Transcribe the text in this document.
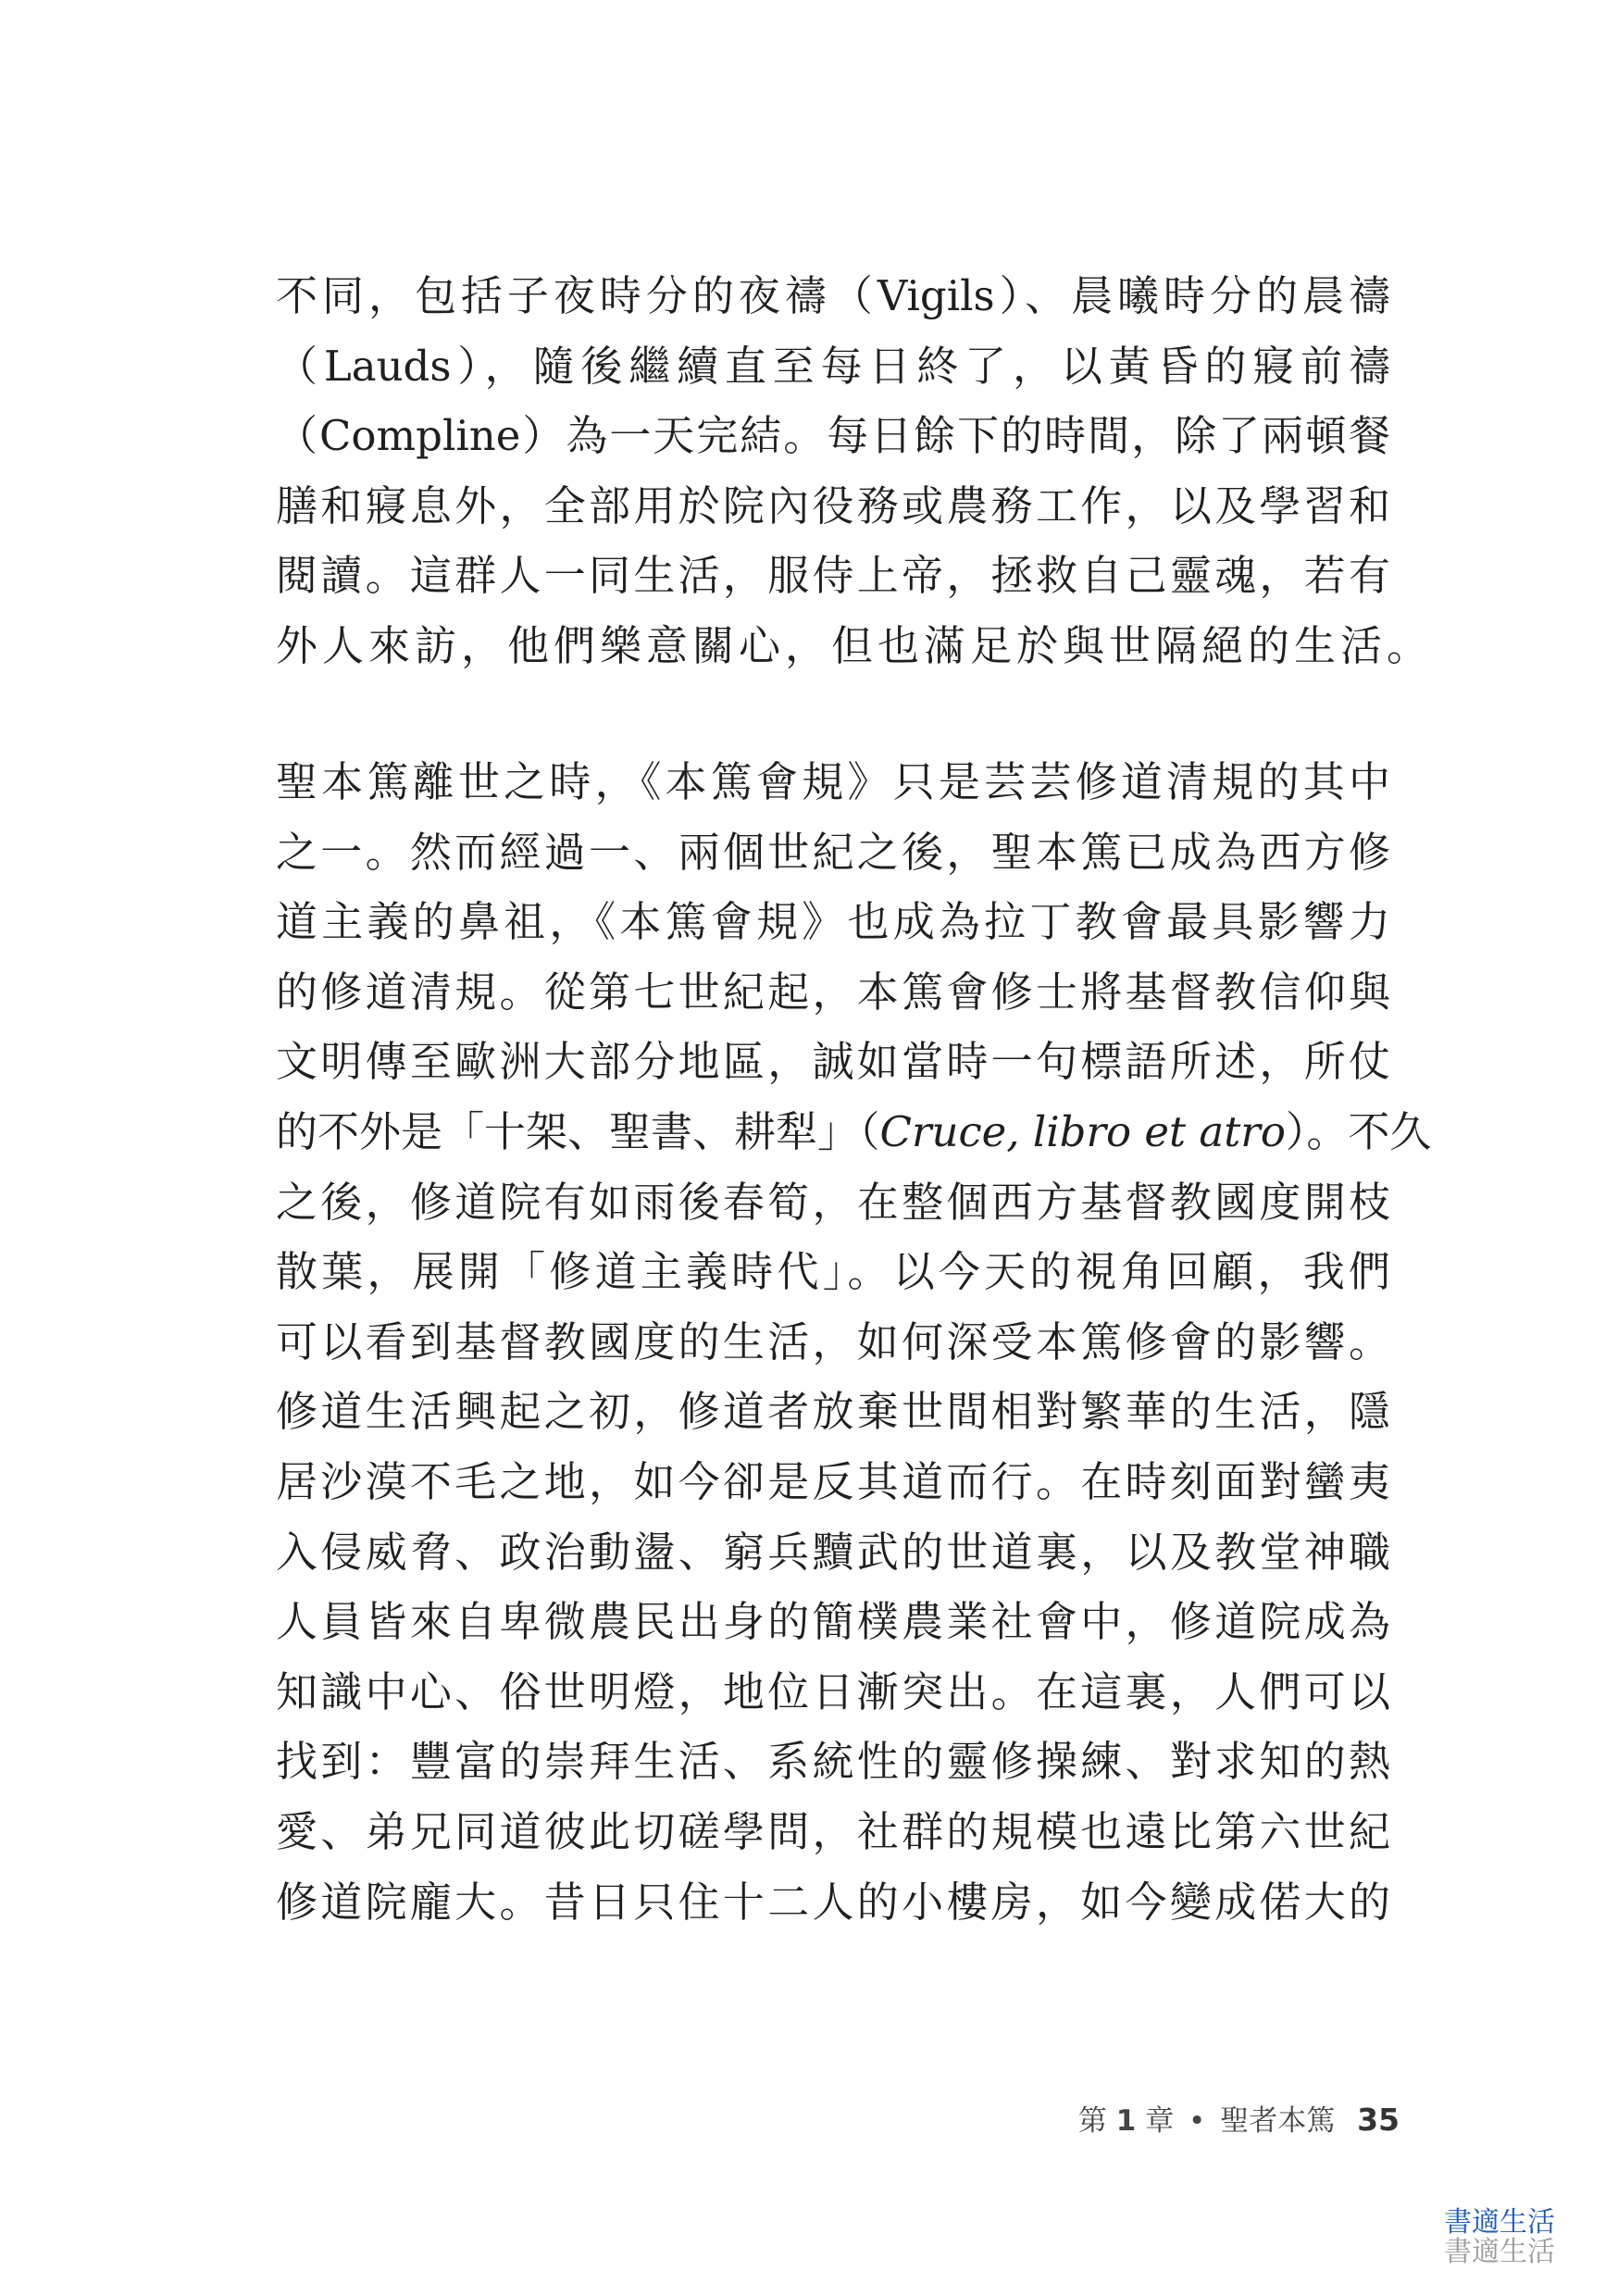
不同，包括子夜時分的夜禱（Vigils）、晨曦時分的晨禱
（Lauds），隨後繼續直至每日終了，以黃昏的寢前禱
（Compline）為一天完結。每日餘下的時間，除了兩頓餐
膳和寢息外，全部用於院內役務或農務工作，以及學習和
閱讀。這群人一同生活，服侍上帝，拯救自己靈魂，若有
外人來訪，他們樂意關心，但也滿足於與世隔絕的生活。
聖本篤離世之時，《本篤會規》只是芸芸修道清規的其中
之一。然而經過一、兩個世紀之後，聖本篤已成為西方修
道主義的鼻祖，《本篤會規》也成為拉丁教會最具影響力
的修道清規。從第七世紀起，本篤會修士將基督教信仰與
文明傳至歐洲大部分地區，誠如當時一句標語所述，所仗
的不外是「十架、聖書、耕犁」（Cruce, libro et atro）。不久
之後，修道院有如雨後春筍，在整個西方基督教國度開枝
散葉，展開「修道主義時代」。以今天的視角回顧，我們
可以看到基督教國度的生活，如何深受本篤修會的影響。
修道生活興起之初，修道者放棄世間相對繁華的生活，隱
居沙漠不毛之地，如今卻是反其道而行。在時刻面對蠻夷
入侵威脅、政治動盪、窮兵黷武的世道裏，以及教堂神職
人員皆來自卑微農民出身的簡樸農業社會中，修道院成為
知識中心、俗世明燈，地位日漸突出。在這裏，人們可以
找到：豐富的崇拜生活、系統性的靈修操練、對求知的熱
愛、弟兄同道彼此切磋學問，社群的規模也遠比第六世紀
修道院龐大。昔日只住十二人的小樓房，如今變成偌大的
第 1 章 • 聖者本篤 35
書適生活
書適生活
